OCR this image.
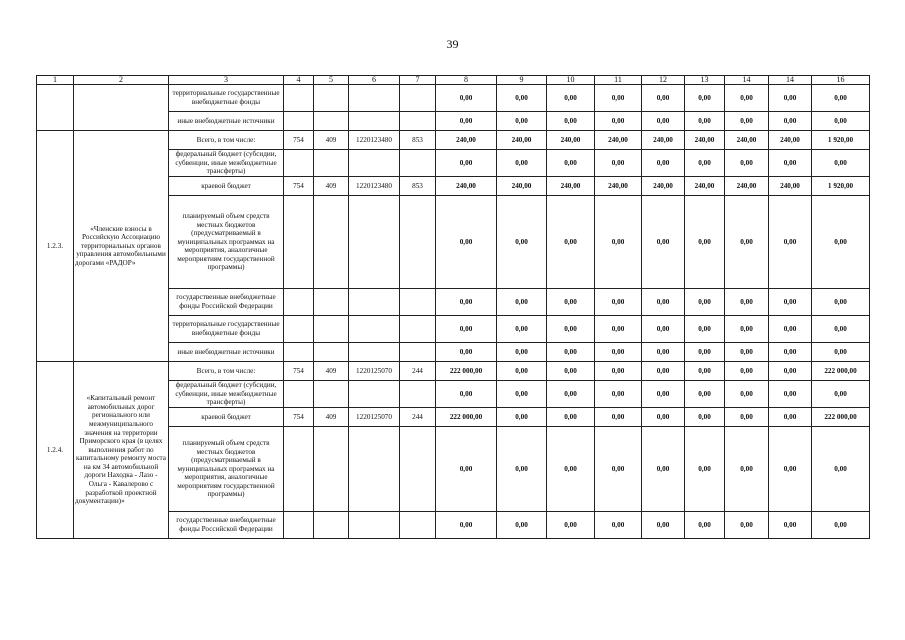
39
1	2	3	4	5	6	7	8	9	10	11	12	13	14	14	16
		территориальные государственные внебюджетные фонды					0,00	0,00	0,00	0,00	0,00	0,00	0,00	0,00	0,00
		иные внебюджетные источники					0,00	0,00	0,00	0,00	0,00	0,00	0,00	0,00	0,00
1.2.3.	«Членские взносы в Российскую Ассоциацию территориальных органов управления автомобильными дорогами «РАДОР»	Всего, в том числе:	754	409	1220123480	853	240,00	240,00	240,00	240,00	240,00	240,00	240,00	240,00	1 920,00
		федеральный бюджет (субсидии, субвенции, иные межбюджетные трансферты)					0,00	0,00	0,00	0,00	0,00	0,00	0,00	0,00	0,00
		краевой бюджет	754	409	1220123480	853	240,00	240,00	240,00	240,00	240,00	240,00	240,00	240,00	1 920,00
		планируемый объем средств местных бюджетов (предусматриваемый в муниципальных программах на мероприятия, аналогичные мероприятиям государственной программы)					0,00	0,00	0,00	0,00	0,00	0,00	0,00	0,00	0,00
		государственные внебюджетные фонды Российской Федерации					0,00	0,00	0,00	0,00	0,00	0,00	0,00	0,00	0,00
		территориальные государственные внебюджетные фонды					0,00	0,00	0,00	0,00	0,00	0,00	0,00	0,00	0,00
		иные внебюджетные источники					0,00	0,00	0,00	0,00	0,00	0,00	0,00	0,00	0,00
1.2.4.	«Капитальный ремонт автомобильных дорог регионального или межмуниципального значения на территории Приморского края (в целях выполнения работ по капитальному ремонту моста на км 34 автомобильной дороги Находка - Лазо - Ольга - Кавалерово с разработкой проектной документации)»	Всего, в том числе:	754	409	1220125070	244	222 000,00	0,00	0,00	0,00	0,00	0,00	0,00	0,00	222 000,00
		федеральный бюджет (субсидии, субвенции, иные межбюджетные трансферты)					0,00	0,00	0,00	0,00	0,00	0,00	0,00	0,00	0,00
		краевой бюджет	754	409	1220125070	244	222 000,00	0,00	0,00	0,00	0,00	0,00	0,00	0,00	222 000,00
		планируемый объем средств местных бюджетов (предусматриваемый в муниципальных программах на мероприятия, аналогичные мероприятиям государственной программы)					0,00	0,00	0,00	0,00	0,00	0,00	0,00	0,00	0,00
		государственные внебюджетные фонды Российской Федерации					0,00	0,00	0,00	0,00	0,00	0,00	0,00	0,00	0,00
